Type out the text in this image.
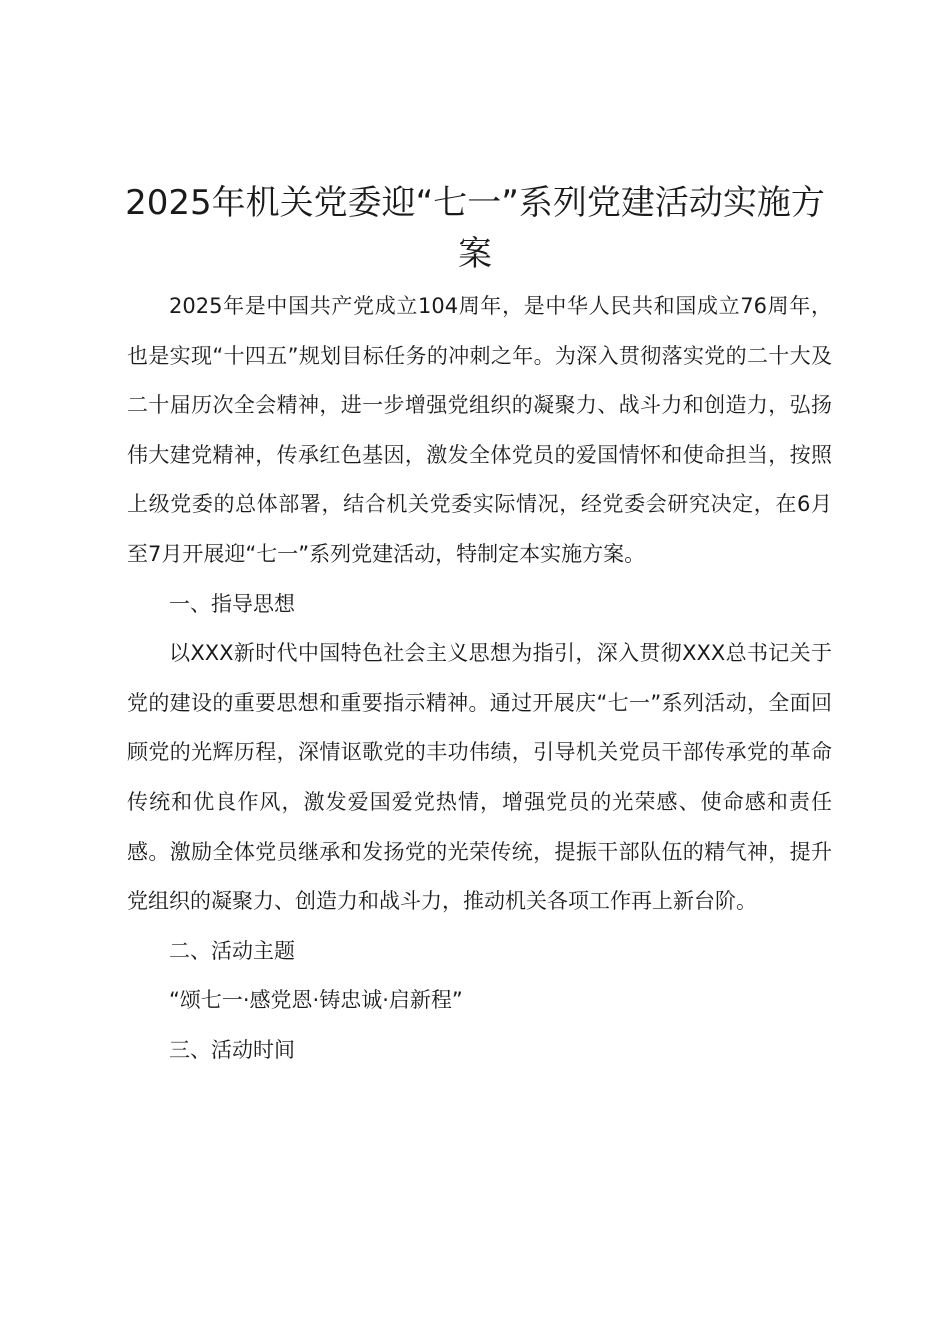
2025年机关党委迎“七一”系列党建活动实施方案

2025年是中国共产党成立104周年，是中华人民共和国成立76周年，也是实现“十四五”规划目标任务的冲刺之年。为深入贯彻落实党的二十大及二十届历次全会精神，进一步增强党组织的凝聚力、战斗力和创造力，弘扬伟大建党精神，传承红色基因，激发全体党员的爱国情怀和使命担当，按照上级党委的总体部署，结合机关党委实际情况，经党委会研究决定，在6月至7月开展迎“七一”系列党建活动，特制定本实施方案。

一、指导思想

以XXX新时代中国特色社会主义思想为指引，深入贯彻XXX总书记关于党的建设的重要思想和重要指示精神。通过开展庆“七一”系列活动，全面回顾党的光辉历程，深情讴歌党的丰功伟绩，引导机关党员干部传承党的革命传统和优良作风，激发爱国爱党热情，增强党员的光荣感、使命感和责任感。激励全体党员继承和发扬党的光荣传统，提振干部队伍的精气神，提升党组织的凝聚力、创造力和战斗力，推动机关各项工作再上新台阶。

二、活动主题

“颂七一·感党恩·铸忠诚·启新程”

三、活动时间
